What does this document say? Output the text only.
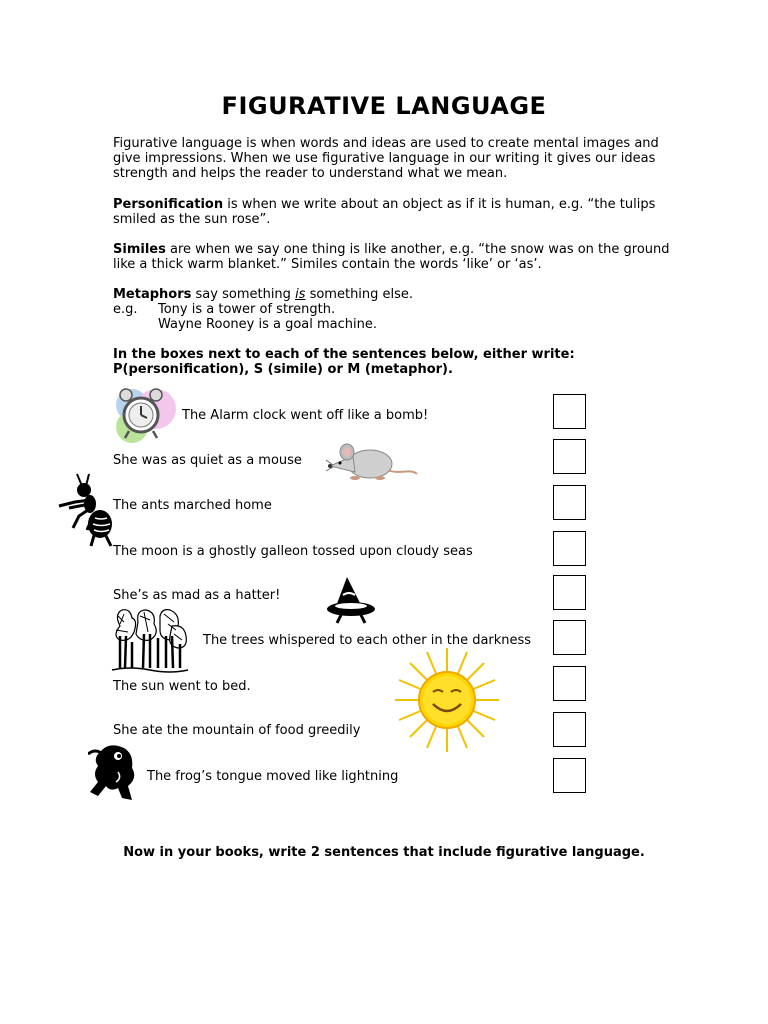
FIGURATIVE LANGUAGE
Figurative language is when words and ideas are used to create mental images and give impressions. When we use figurative language in our writing it gives our ideas strength and helps the reader to understand what we mean.
Personification is when we write about an object as if it is human, e.g. “the tulips smiled as the sun rose”.
Similes are when we say one thing is like another, e.g. “the snow was on the ground like a thick warm blanket.” Similes contain the words ‘like’ or ‘as’.
Metaphors say something is something else.
e.g. Tony is a tower of strength.
Wayne Rooney is a goal machine.
In the boxes next to each of the sentences below, either write:
P(personification), S (simile) or M (metaphor).
The Alarm clock went off like a bomb!
She was as quiet as a mouse
The ants marched home
The moon is a ghostly galleon tossed upon cloudy seas
She’s as mad as a hatter!
The trees whispered to each other in the darkness
The sun went to bed.
She ate the mountain of food greedily
The frog’s tongue moved like lightning
Now in your books, write 2 sentences that include figurative language.
